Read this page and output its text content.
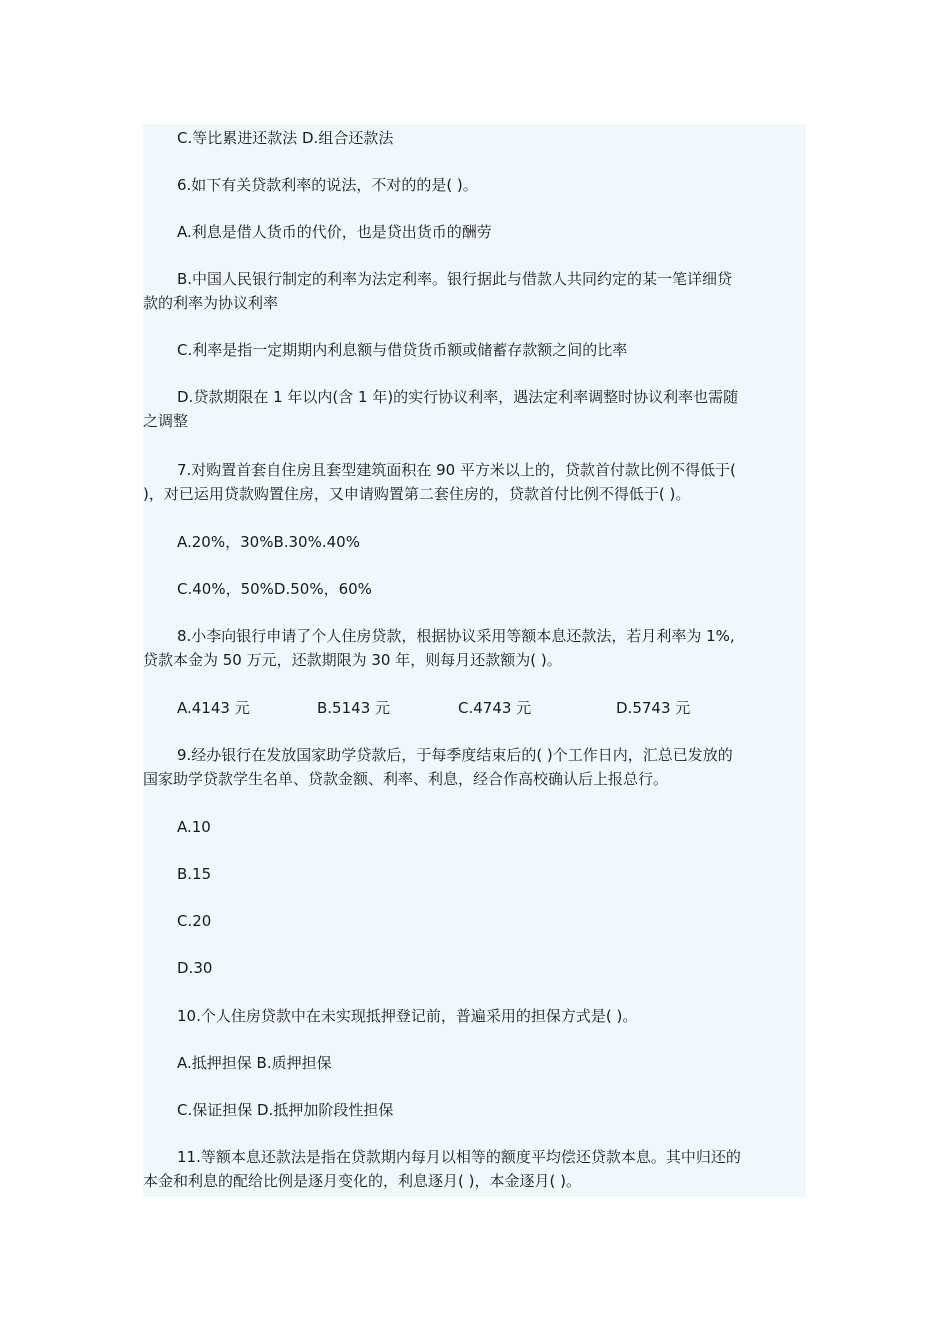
C.等比累进还款法 D.组合还款法

6.如下有关贷款利率的说法，不对的的是( )。

A.利息是借人货币的代价，也是贷出货币的酬劳

B.中国人民银行制定的利率为法定利率。银行据此与借款人共同约定的某一笔详细贷
款的利率为协议利率

C.利率是指一定期期内利息额与借贷货币额或储蓄存款额之间的比率

D.贷款期限在 1 年以内(含 1 年)的实行协议利率，遇法定利率调整时协议利率也需随
之调整

7.对购置首套自住房且套型建筑面积在 90 平方米以上的，贷款首付款比例不得低于(
)，对已运用贷款购置住房，又申请购置第二套住房的，贷款首付比例不得低于( )。

A.20%，30%B.30%.40%

C.40%，50%D.50%，60%

8.小李向银行申请了个人住房贷款，根据协议采用等额本息还款法，若月利率为 1%,
贷款本金为 50 万元，还款期限为 30 年，则每月还款额为( )。

A.4143 元	B.5143 元	C.4743 元	D.5743 元

9.经办银行在发放国家助学贷款后，于每季度结束后的( )个工作日内，汇总已发放的
国家助学贷款学生名单、贷款金额、利率、利息，经合作高校确认后上报总行。

A.10

B.15

C.20

D.30

10.个人住房贷款中在未实现抵押登记前，普遍采用的担保方式是( )。

A.抵押担保 B.质押担保

C.保证担保 D.抵押加阶段性担保

11.等额本息还款法是指在贷款期内每月以相等的额度平均偿还贷款本息。其中归还的
本金和利息的配给比例是逐月变化的，利息逐月( )，本金逐月( )。
